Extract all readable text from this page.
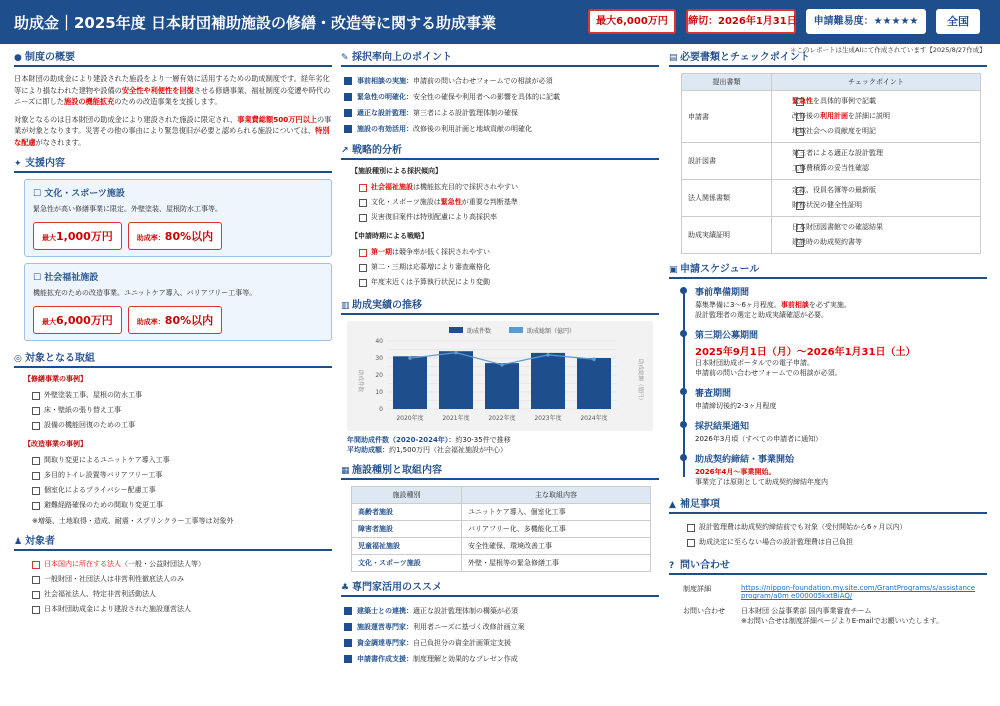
助成金｜2025年度 日本財団補助施設の修繕・改造等に関する助成事業	最大6,000万円	締切：2026年1月31日	申請難易度：★★★★★	全国
＊このレポートは生成AIにて作成されています【2025/8/27作成】
● 制度の概要

日本財団の助成金により建設された施設をより一層有効に活用するための助成制度です。経年劣化等により損なわれた建物や設備の安全性や利便性を回復させる修繕事業、福祉制度の変遷や時代のニーズに即した施設の機能拡充のための改造事業を支援します。

対象となるのは日本財団の助成金により建設された施設に限定され、事業費総額500万円以上の事業が対象となります。災害その他の事由により緊急復旧が必要と認められる施設については、特別な配慮がなされます。

✦ 支援内容
☐ 文化・スポーツ施設
緊急性が高い修繕事業に限定。外壁塗装、屋根防水工事等。
最大1,000万円	助成率：80%以内
☐ 社会福祉施設
機能拡充のための改造事業。ユニットケア導入、バリアフリー工事等。
最大6,000万円	助成率：80%以内
◎ 対象となる取組
【修繕事業の事例】
外壁塗装工事、屋根の防水工事
床・壁紙の張り替え工事
設備の機能回復のための工事
【改造事業の事例】
間取り変更によるユニットケア導入工事
多目的トイレ設置等バリアフリー工事
個室化によるプライバシー配慮工事
避難経路確保のための間取り変更工事
※増築、土地取得・造成、耐震・スプリンクラー工事等は対象外
♟ 対象者
日本国内に所在する法人（一般・公益財団法人等）
一般財団・社団法人は非営利性徹底法人のみ
社会福祉法人、特定非営利活動法人
日本財団助成金により建設された施設運営法人
✎ 採択率向上のポイント
事前相談の実施：申請前の問い合わせフォームでの相談が必須
緊急性の明確化：安全性の確保や利用者への影響を具体的に記載
適正な設計監理：第三者による設計監理体制の確保
施設の有効活用：改修後の利用計画と地域貢献の明確化
↗ 戦略的分析
【施設種別による採択傾向】
社会福祉施設は機能拡充目的で採択されやすい
文化・スポーツ施設は緊急性が重要な判断基準
災害復旧案件は特別配慮により高採択率
【申請時期による戦略】
第一期は競争率が低く採択されやすい
第二・三期は応募増により審査厳格化
年度末近くは予算執行状況により変動
▥ 助成実績の推移
助成件数	助成総額（億円）
助成件数	助成総額（億円）
0
10
20
30
40
2020年度	2021年度	2022年度	2023年度	2024年度
年間助成件数（2020-2024年）：約30-35件で推移
平均助成額：約1,500万円（社会福祉施設が中心）
▦ 施設種別と取組内容
施設種別	主な取組内容
高齢者施設	ユニットケア導入、個室化工事
障害者施設	バリアフリー化、多機能化工事
児童福祉施設	安全性確保、環境改善工事
文化・スポーツ施設	外壁・屋根等の緊急修繕工事
♣ 専門家活用のススメ
建築士との連携：適正な設計監理体制の構築が必須
施設運営専門家：利用者ニーズに基づく改修計画立案
資金調達専門家：自己負担分の資金計画策定支援
申請書作成支援：制度理解と効果的なプレゼン作成
▤ 必要書類とチェックポイント
提出書類	チェックポイント
申請書	緊急性を具体的事例で記載
改修後の利用計画を詳細に説明
地域社会への貢献度を明記

設計図書	第三者による適正な設計監理
工事費積算の妥当性確認

法人関係書類	定款、役員名簿等の最新版
財務状況の健全性証明

助成実績証明	日本財団図書館での確認結果
建設時の助成契約書等
▣ 申請スケジュール
事前準備期間
募集準備に3～6ヶ月程度。事前相談を必ず実施。
設計監理者の選定と助成実績確認が必要。
第三期公募期間
2025年9月1日（月）～2026年1月31日（土）
日本財団助成ポータルでの電子申請。
申請前の問い合わせフォームでの相談が必須。
審査期間
申請締切後約2-3ヶ月程度
採択結果通知
2026年3月頃（すべての申請者に通知）
助成契約締結・事業開始
2026年4月～事業開始。
事業完了は原則として助成契約締結年度内
▲ 補足事項
設計監理費は助成契約締結前でも対象（受付開始から6ヶ月以内）
助成決定に至らない場合の設計監理費は自己負担
? 問い合わせ
制度詳細	https://nippon-foundation.my.site.com/GrantPrograms/s/assistanceprogram/a0m e000005kxtBiAQ/
お問い合わせ	日本財団 公益事業部 国内事業審査チーム
※お問い合せは制度詳細ページよりE-mailでお願いいたします。
